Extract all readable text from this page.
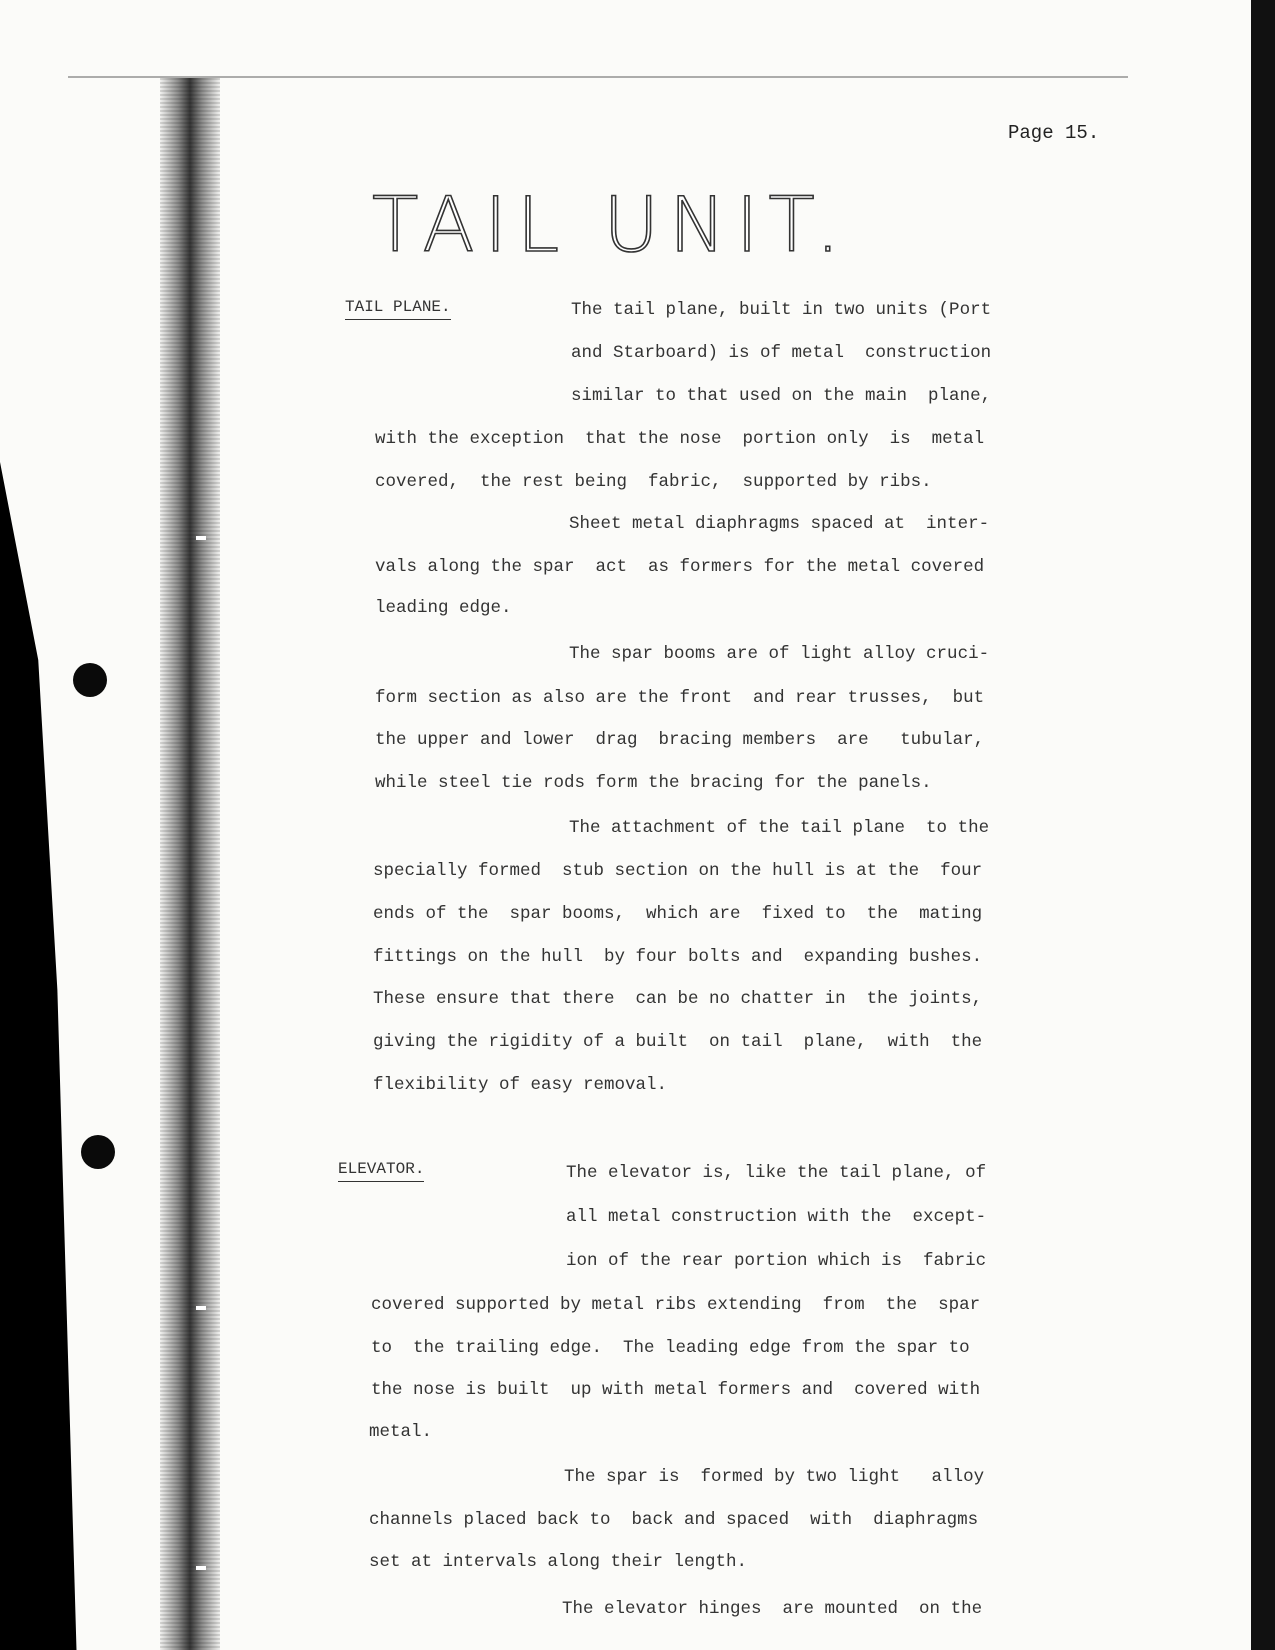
Page 15.
TAIL UNIT.
TAIL PLANE.	The tail plane, built in two units (Port
and Starboard) is of metal  construction
similar to that used on the main  plane,
with the exception  that the nose  portion only  is  metal
covered,  the rest being  fabric,  supported by ribs.
Sheet metal diaphragms spaced at  inter-
vals along the spar  act  as formers for the metal covered
leading edge.
The spar booms are of light alloy cruci-
form section as also are the front  and rear trusses,  but
the upper and lower  drag  bracing members  are   tubular,
while steel tie rods form the bracing for the panels.
The attachment of the tail plane  to the
specially formed  stub section on the hull is at the  four
ends of the  spar booms,  which are  fixed to  the  mating
fittings on the hull  by four bolts and  expanding bushes.
These ensure that there  can be no chatter in  the joints,
giving the rigidity of a built  on tail  plane,  with  the
flexibility of easy removal.
ELEVATOR.	The elevator is, like the tail plane, of
all metal construction with the  except-
ion of the rear portion which is  fabric
covered supported by metal ribs extending  from  the  spar
to  the trailing edge.  The leading edge from the spar to
the nose is built  up with metal formers and  covered with
metal.
The spar is  formed by two light   alloy
channels placed back to  back and spaced  with  diaphragms
set at intervals along their length.
The elevator hinges  are mounted  on the
